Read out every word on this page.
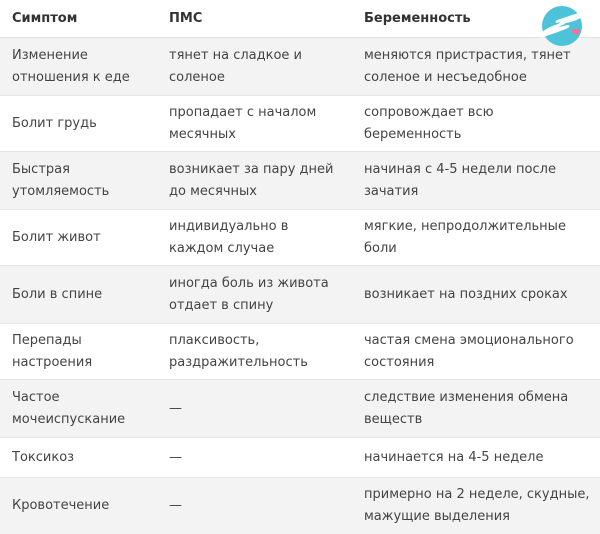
Симптом	ПМС	Беременность
Изменение отношения к еде	тянет на сладкое и соленое	меняются пристрастия, тянет соленое и несъедобное
Болит грудь	пропадает с началом месячных	сопровождает всю беременность
Быстрая утомляемость	возникает за пару дней до месячных	начиная с 4-5 недели после зачатия
Болит живот	индивидуально в каждом случае	мягкие, непродолжительные боли
Боли в спине	иногда боль из живота отдает в спину	возникает на поздних сроках
Перепады настроения	плаксивость, раздражительность	частая смена эмоционального состояния
Частое мочеиспускание	—	следствие изменения обмена веществ
Токсикоз	—	начинается на 4-5 неделе
Кровотечение	—	примерно на 2 неделе, скудные, мажущие выделения
